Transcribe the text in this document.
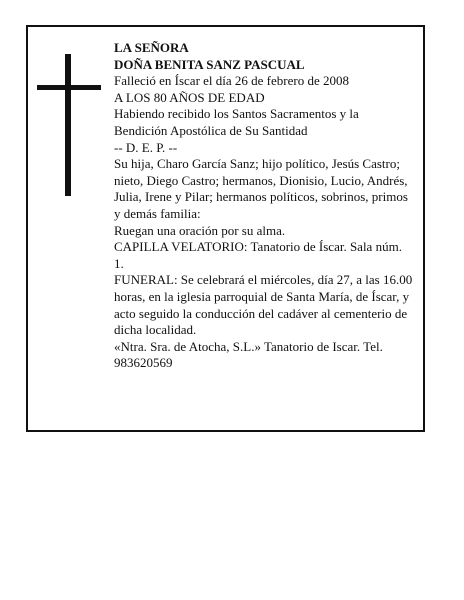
LA SEÑORA

DOÑA BENITA SANZ PASCUAL

Falleció en Íscar el día 26 de febrero de 2008

A LOS 80 AÑOS DE EDAD

Habiendo recibido los Santos Sacramentos y la Bendición Apostólica de Su Santidad

-- D. E. P. --

Su hija, Charo García Sanz; hijo político, Jesús Castro; nieto, Diego Castro; hermanos, Dionisio, Lucio, Andrés, Julia, Irene y Pilar; hermanos políticos, sobrinos, primos y demás familia:

Ruegan una oración por su alma.

CAPILLA VELATORIO: Tanatorio de Íscar. Sala núm. 1.

FUNERAL: Se celebrará el miércoles, día 27, a las 16.00 horas, en la iglesia parroquial de Santa María, de Íscar, y acto seguido la conducción del cadáver al cementerio de dicha localidad.

«Ntra. Sra. de Atocha, S.L.» Tanatorio de Iscar. Tel. 983620569
